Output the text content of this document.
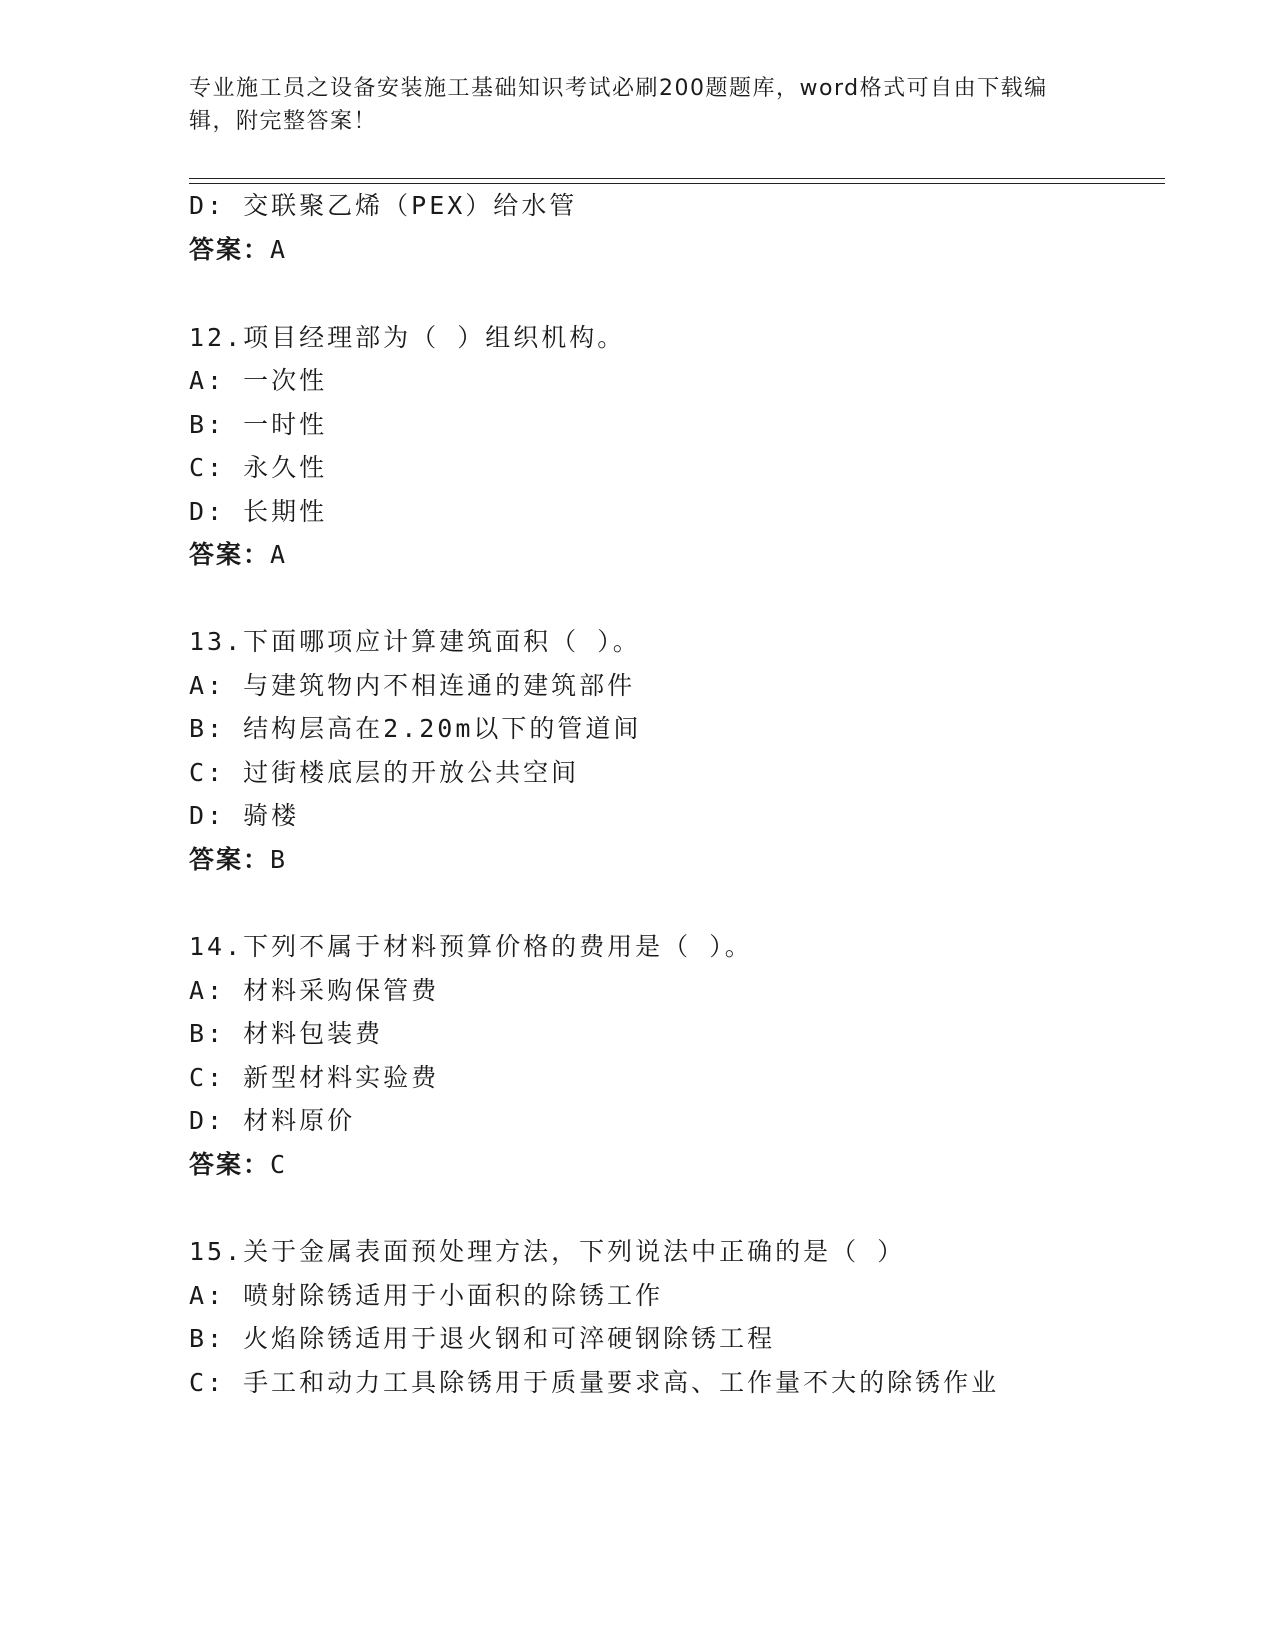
专业施工员之设备安装施工基础知识考试必刷200题题库，word格式可自由下载编辑，附完整答案！
D: 交联聚乙烯（PEX）给水管
答案：A
12.项目经理部为（ ）组织机构。
A: 一次性
B: 一时性
C: 永久性
D: 长期性
答案：A
13.下面哪项应计算建筑面积（ ）。
A: 与建筑物内不相连通的建筑部件
B: 结构层高在2.20m以下的管道间
C: 过街楼底层的开放公共空间
D: 骑楼
答案：B
14.下列不属于材料预算价格的费用是（ ）。
A: 材料采购保管费
B: 材料包装费
C: 新型材料实验费
D: 材料原价
答案：C
15.关于金属表面预处理方法，下列说法中正确的是（ ）
A: 喷射除锈适用于小面积的除锈工作
B: 火焰除锈适用于退火钢和可淬硬钢除锈工程
C: 手工和动力工具除锈用于质量要求高、工作量不大的除锈作业
